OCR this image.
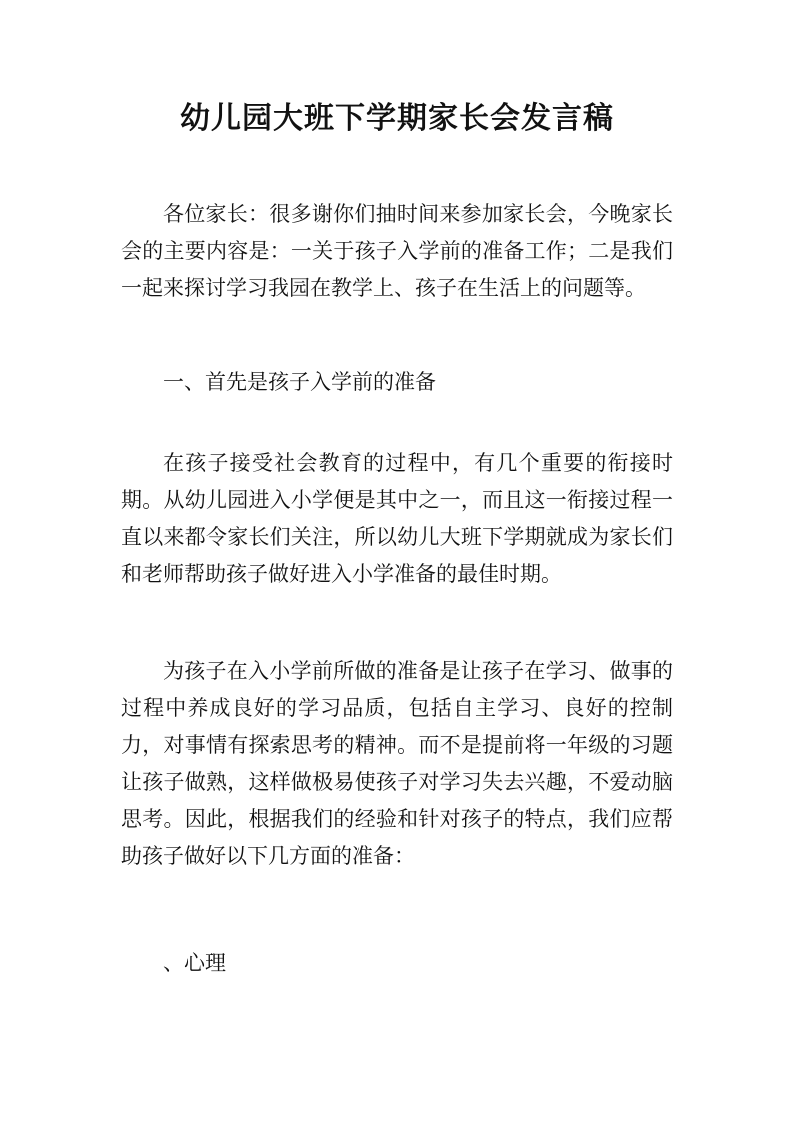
幼儿园大班下学期家长会发言稿

各位家长：很多谢你们抽时间来参加家长会，今晚家长会的主要内容是：一关于孩子入学前的准备工作；二是我们一起来探讨学习我园在教学上、孩子在生活上的问题等。

一、首先是孩子入学前的准备

在孩子接受社会教育的过程中，有几个重要的衔接时期。从幼儿园进入小学便是其中之一，而且这一衔接过程一直以来都令家长们关注，所以幼儿大班下学期就成为家长们和老师帮助孩子做好进入小学准备的最佳时期。

为孩子在入小学前所做的准备是让孩子在学习、做事的过程中养成良好的学习品质，包括自主学习、良好的控制力，对事情有探索思考的精神。而不是提前将一年级的习题让孩子做熟，这样做极易使孩子对学习失去兴趣，不爱动脑思考。因此，根据我们的经验和针对孩子的特点，我们应帮助孩子做好以下几方面的准备：

、心理
